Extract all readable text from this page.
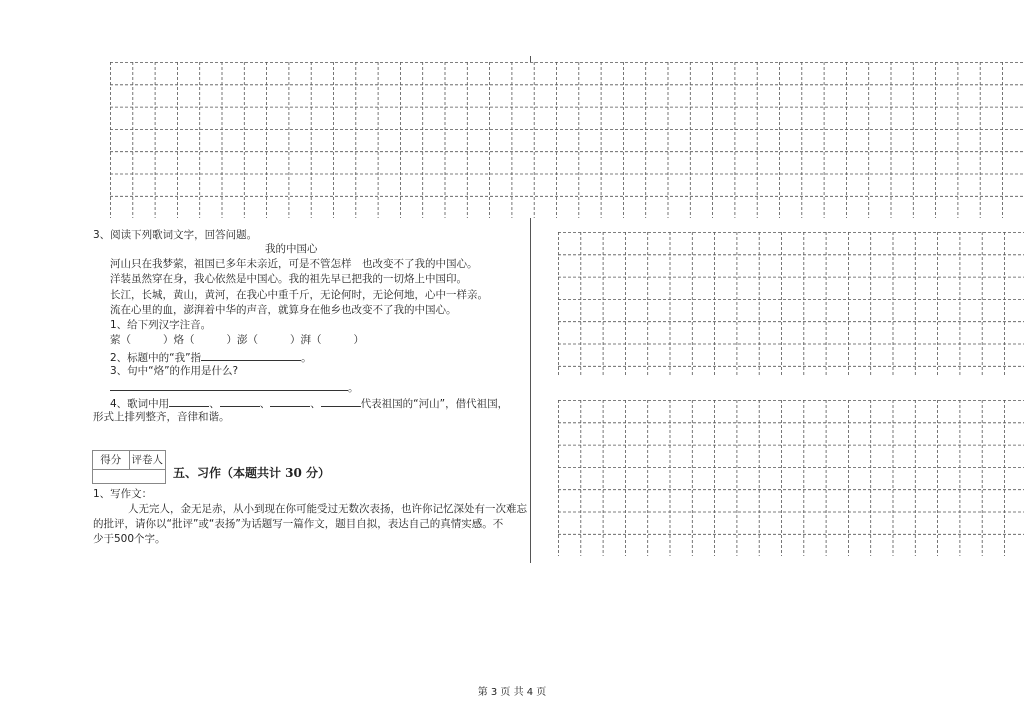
3、阅读下列歌词文字，回答问题。
我的中国心
河山只在我梦萦，祖国已多年未亲近，可是不管怎样　也改变不了我的中国心。
洋装虽然穿在身，我心依然是中国心。我的祖先早已把我的一切烙上中国印。
长江，长城，黄山，黄河，在我心中重千斤，无论何时，无论何地，心中一样亲。
流在心里的血，澎湃着中华的声音，就算身在他乡也改变不了我的中国心。
1、给下列汉字注音。
萦（	）烙（	）澎（	）湃（	）
2、标题中的“我”指	。
3、句中“烙”的作用是什么?
。
4、歌词中用	、	、	、	代表祖国的“河山”，借代祖国，
形式上排列整齐，音律和谐。
得分 评卷人
五、习作（本题共计 30 分）
1、写作文：
人无完人，金无足赤，从小到现在你可能受过无数次表扬，也许你记忆深处有一次难忘
的批评，请你以“批评”或“表扬”为话题写一篇作文，题目自拟，表达自己的真情实感。不
少于500个字。
第 3 页 共 4 页
